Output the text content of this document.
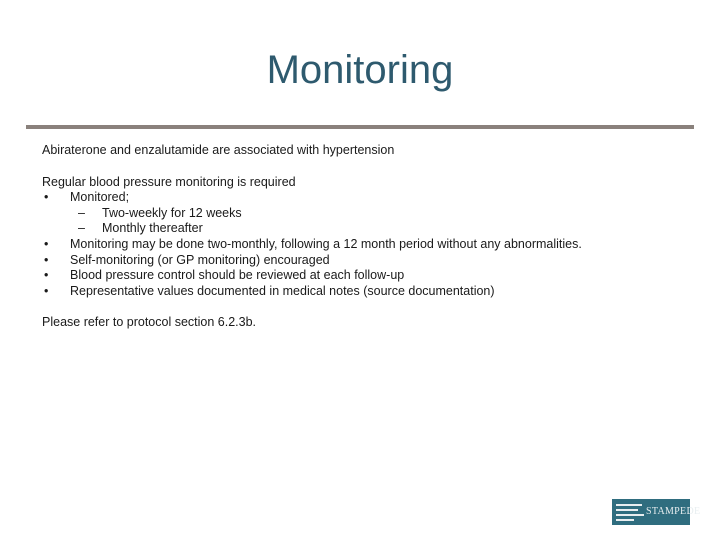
Monitoring

Abiraterone and enzalutamide are associated with hypertension

Regular blood pressure monitoring is required

• Monitored;
– Two-weekly for 12 weeks
– Monthly thereafter
• Monitoring may be done two-monthly, following a 12 month period without any abnormalities.
• Self-monitoring (or GP monitoring) encouraged
• Blood pressure control should be reviewed at each follow-up
• Representative values documented in medical notes (source documentation)

Please refer to protocol section 6.2.3b.

STAMPEDE
